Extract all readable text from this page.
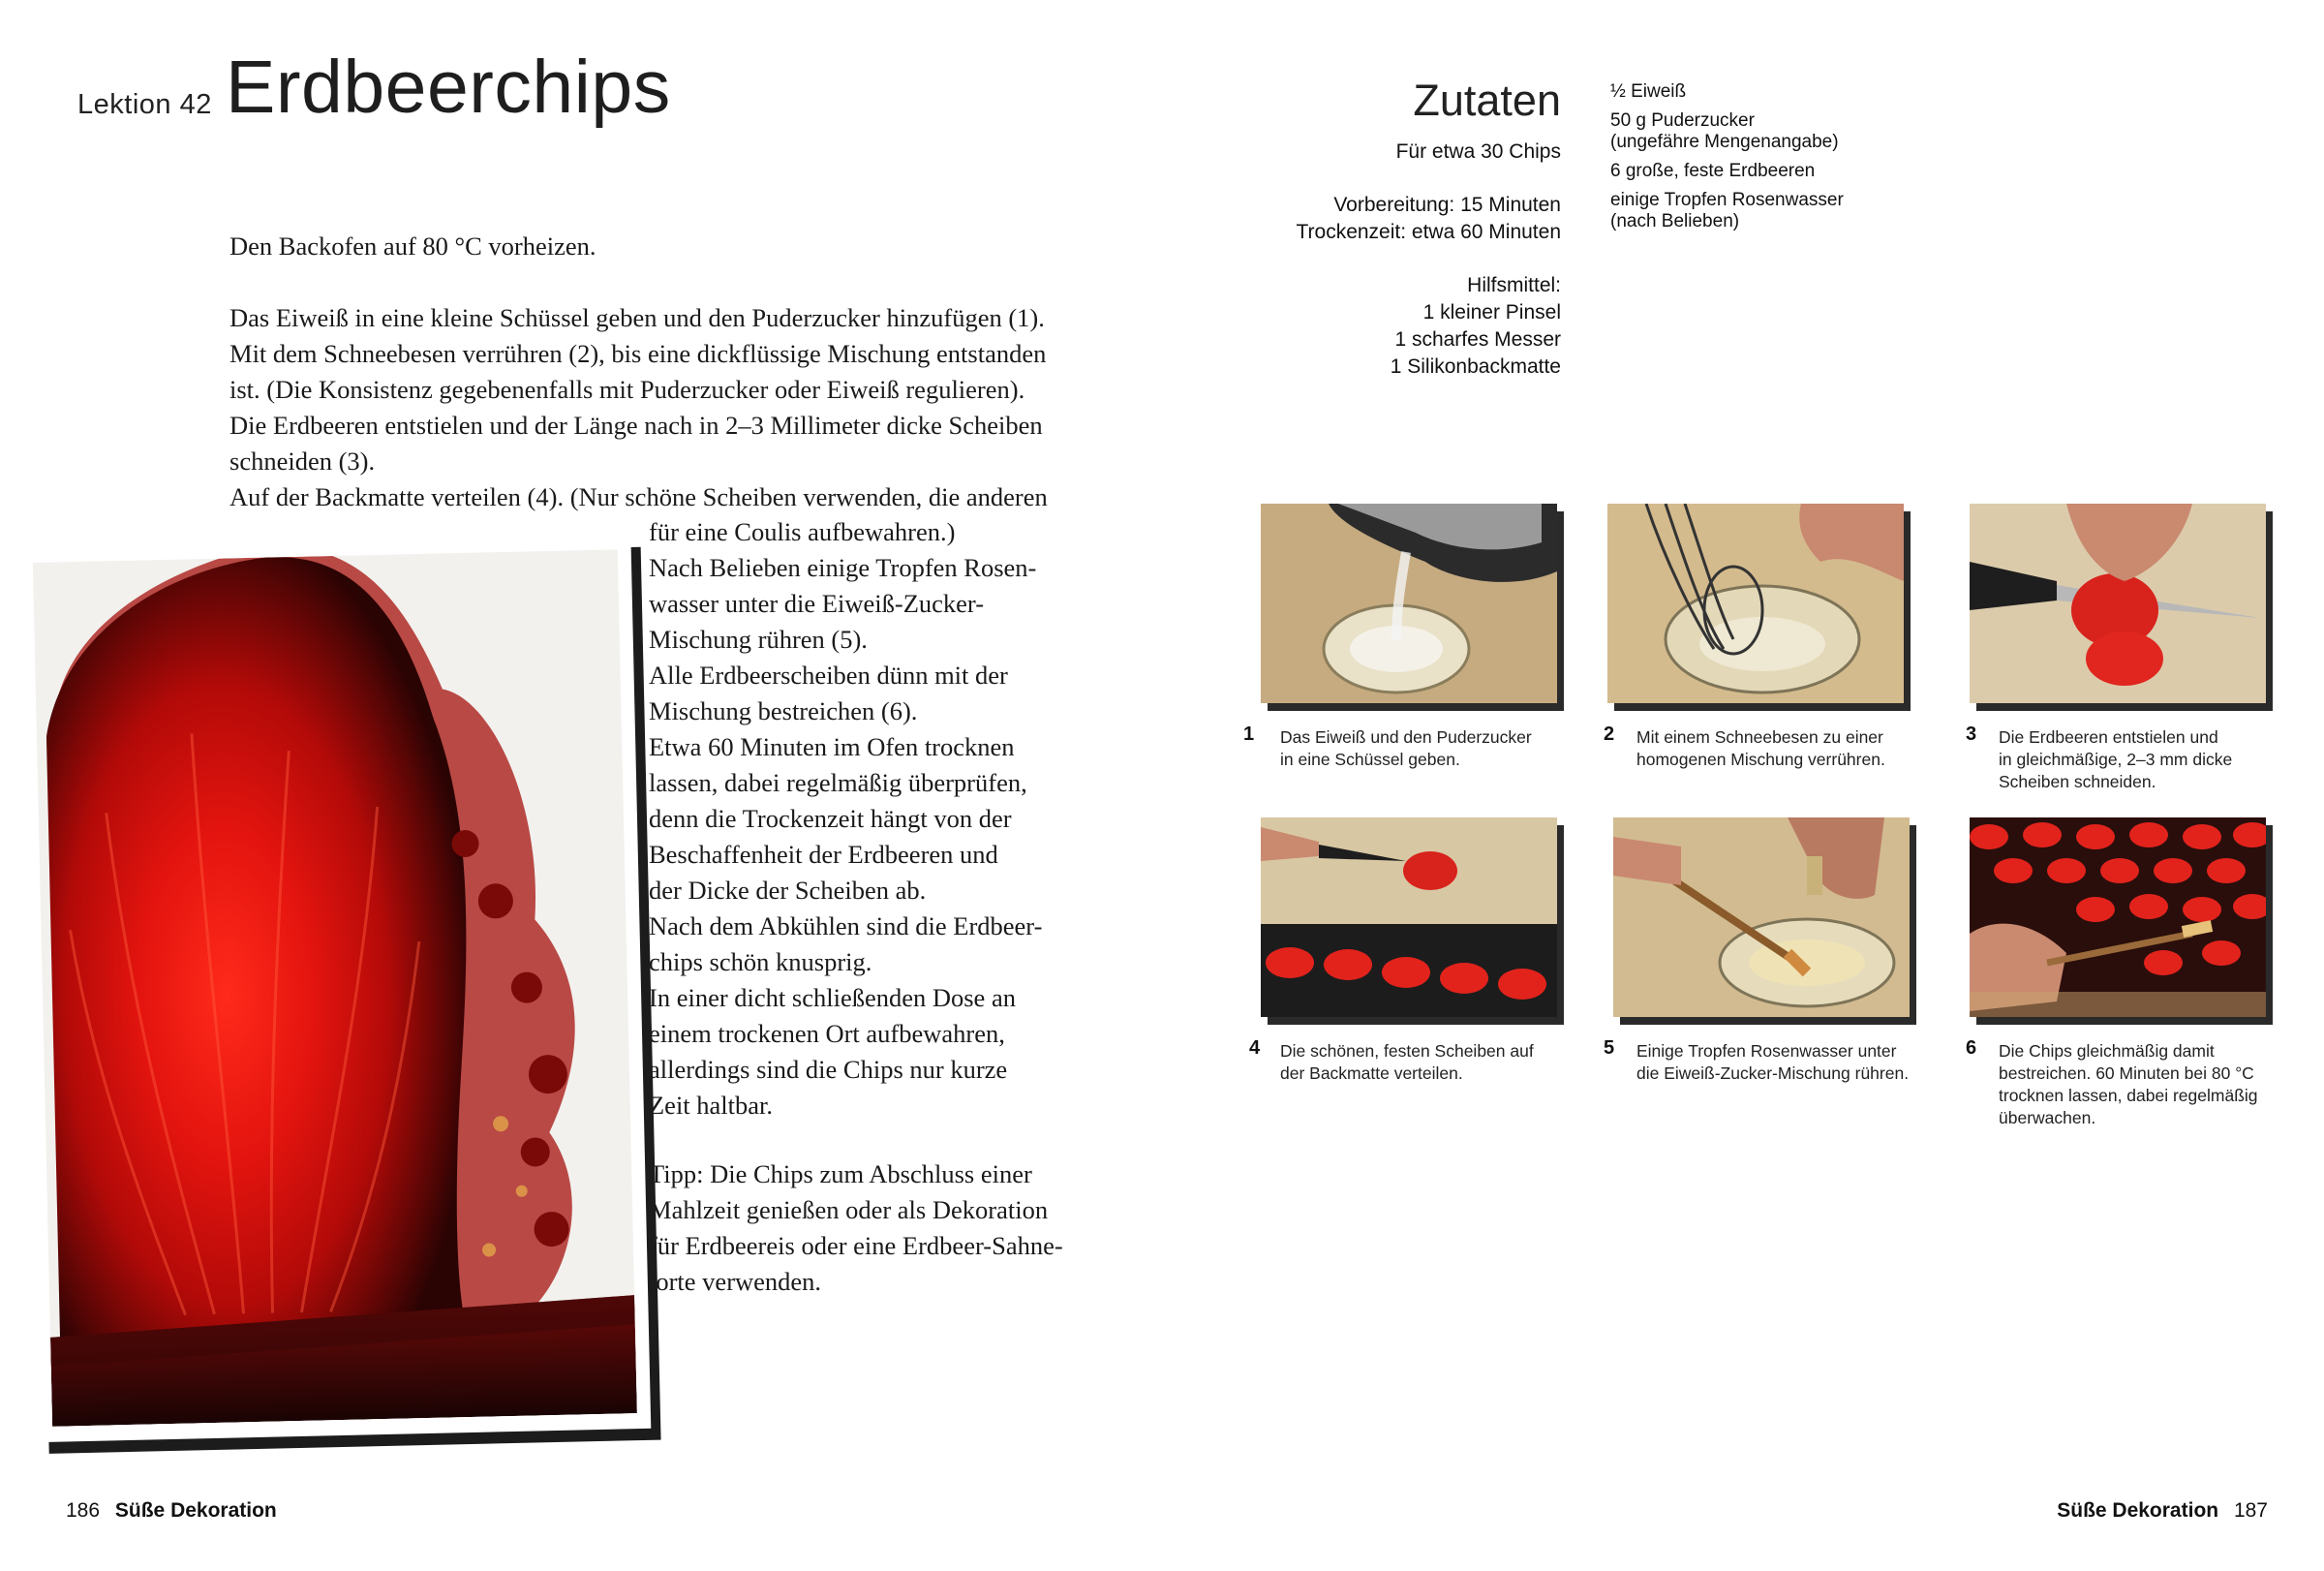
Lektion 42 Erdbeerchips

Den Backofen auf 80 °C vorheizen.

Das Eiweiß in eine kleine Schüssel geben und den Puderzucker hinzufügen (1).

Mit dem Schneebesen verrühren (2), bis eine dickflüssige Mischung entstanden

ist. (Die Konsistenz gegebenenfalls mit Puderzucker oder Eiweiß regulieren).

Die Erdbeeren entstielen und der Länge nach in 2–3 Millimeter dicke Scheiben

schneiden (3).

Auf der Backmatte verteilen (4). (Nur schöne Scheiben verwenden, die anderen

für eine Coulis aufbewahren.)

Nach Belieben einige Tropfen Rosen-

wasser unter die Eiweiß-Zucker-

Mischung rühren (5).

Alle Erdbeerscheiben dünn mit der

Mischung bestreichen (6).

Etwa 60 Minuten im Ofen trocknen

lassen, dabei regelmäßig überprüfen,

denn die Trockenzeit hängt von der

Beschaffenheit der Erdbeeren und

der Dicke der Scheiben ab.

Nach dem Abkühlen sind die Erdbeer-

chips schön knusprig.

In einer dicht schließenden Dose an

einem trockenen Ort aufbewahren,

allerdings sind die Chips nur kurze

Zeit haltbar.

Tipp: Die Chips zum Abschluss einer

Mahlzeit genießen oder als Dekoration

für Erdbeereis oder eine Erdbeer-Sahne-

torte verwenden.

186 Süße Dekoration
Zutaten
Für etwa 30 Chips
Vorbereitung: 15 Minuten
Trockenzeit: etwa 60 Minuten
Hilfsmittel:
1 kleiner Pinsel
1 scharfes Messer
1 Silikonbackmatte
½ Eiweiß
50 g Puderzucker
(ungefähre Mengenangabe)
6 große, feste Erdbeeren
einige Tropfen Rosenwasser
(nach Belieben)
1 Das Eiweiß und den Puderzucker
in eine Schüssel geben.
2 Mit einem Schneebesen zu einer
homogenen Mischung verrühren.
3 Die Erdbeeren entstielen und
in gleichmäßige, 2–3 mm dicke
Scheiben schneiden.
4 Die schönen, festen Scheiben auf
der Backmatte verteilen.
5 Einige Tropfen Rosenwasser unter
die Eiweiß-Zucker-Mischung rühren.
6 Die Chips gleichmäßig damit
bestreichen. 60 Minuten bei 80 °C
trocknen lassen, dabei regelmäßig
überwachen.
Süße Dekoration 187
